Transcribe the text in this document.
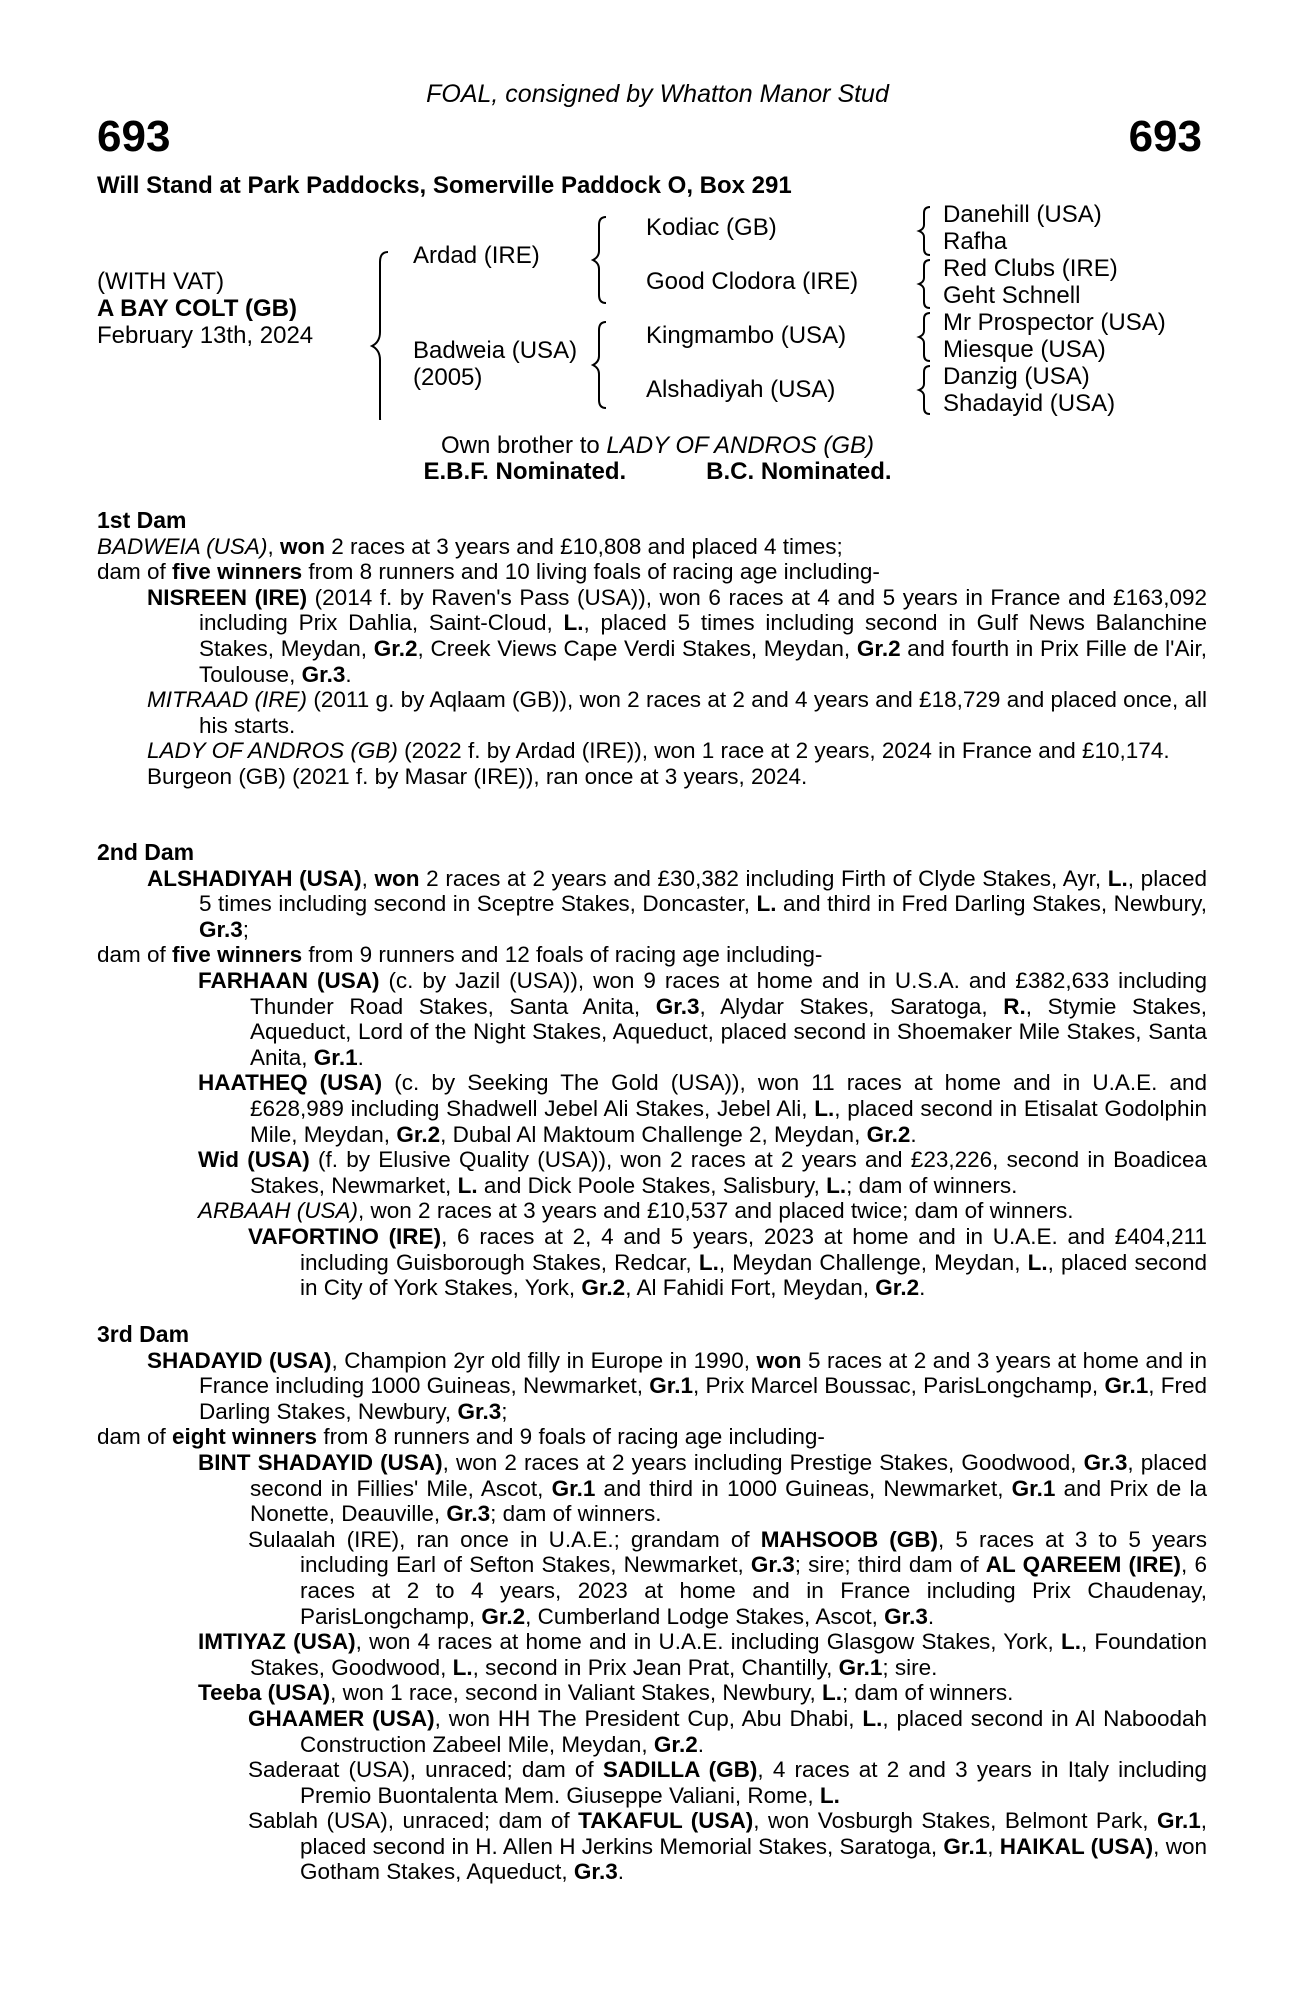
FOAL, consigned by Whatton Manor Stud
693	693
Will Stand at Park Paddocks, Somerville Paddock O, Box 291
(WITH VAT)
A BAY COLT (GB)
February 13th, 2024
Ardad (IRE)
Badweia (USA)
(2005)
Kodiac (GB)
Good Clodora (IRE)
Kingmambo (USA)
Alshadiyah (USA)
Danehill (USA)
Rafha
Red Clubs (IRE)
Geht Schnell
Mr Prospector (USA)
Miesque (USA)
Danzig (USA)
Shadayid (USA)
Own brother to LADY OF ANDROS (GB)
E.B.F. Nominated.	B.C. Nominated.
1st Dam

BADWEIA (USA), won 2 races at 3 years and £10,808 and placed 4 times;

dam of five winners from 8 runners and 10 living foals of racing age including-

NISREEN (IRE) (2014 f. by Raven's Pass (USA)), won 6 races at 4 and 5 years in France and £163,092 including Prix Dahlia, Saint-Cloud, L., placed 5 times including second in Gulf News Balanchine Stakes, Meydan, Gr.2, Creek Views Cape Verdi Stakes, Meydan, Gr.2 and fourth in Prix Fille de l'Air, Toulouse, Gr.3.

MITRAAD (IRE) (2011 g. by Aqlaam (GB)), won 2 races at 2 and 4 years and £18,729 and placed once, all his starts.

LADY OF ANDROS (GB) (2022 f. by Ardad (IRE)), won 1 race at 2 years, 2024 in France and £10,174.

Burgeon (GB) (2021 f. by Masar (IRE)), ran once at 3 years, 2024.

2nd Dam

ALSHADIYAH (USA), won 2 races at 2 years and £30,382 including Firth of Clyde Stakes, Ayr, L., placed 5 times including second in Sceptre Stakes, Doncaster, L. and third in Fred Darling Stakes, Newbury, Gr.3;

dam of five winners from 9 runners and 12 foals of racing age including-

FARHAAN (USA) (c. by Jazil (USA)), won 9 races at home and in U.S.A. and £382,633 including Thunder Road Stakes, Santa Anita, Gr.3, Alydar Stakes, Saratoga, R., Stymie Stakes, Aqueduct, Lord of the Night Stakes, Aqueduct, placed second in Shoemaker Mile Stakes, Santa Anita, Gr.1.

HAATHEQ (USA) (c. by Seeking The Gold (USA)), won 11 races at home and in U.A.E. and £628,989 including Shadwell Jebel Ali Stakes, Jebel Ali, L., placed second in Etisalat Godolphin Mile, Meydan, Gr.2, Dubal Al Maktoum Challenge 2, Meydan, Gr.2.

Wid (USA) (f. by Elusive Quality (USA)), won 2 races at 2 years and £23,226, second in Boadicea Stakes, Newmarket, L. and Dick Poole Stakes, Salisbury, L.; dam of winners.

ARBAAH (USA), won 2 races at 3 years and £10,537 and placed twice; dam of winners.

VAFORTINO (IRE), 6 races at 2, 4 and 5 years, 2023 at home and in U.A.E. and £404,211 including Guisborough Stakes, Redcar, L., Meydan Challenge, Meydan, L., placed second in City of York Stakes, York, Gr.2, Al Fahidi Fort, Meydan, Gr.2.

3rd Dam

SHADAYID (USA), Champion 2yr old filly in Europe in 1990, won 5 races at 2 and 3 years at home and in France including 1000 Guineas, Newmarket, Gr.1, Prix Marcel Boussac, ParisLongchamp, Gr.1, Fred Darling Stakes, Newbury, Gr.3;

dam of eight winners from 8 runners and 9 foals of racing age including-

BINT SHADAYID (USA), won 2 races at 2 years including Prestige Stakes, Goodwood, Gr.3, placed second in Fillies' Mile, Ascot, Gr.1 and third in 1000 Guineas, Newmarket, Gr.1 and Prix de la Nonette, Deauville, Gr.3; dam of winners.

Sulaalah (IRE), ran once in U.A.E.; grandam of MAHSOOB (GB), 5 races at 3 to 5 years including Earl of Sefton Stakes, Newmarket, Gr.3; sire; third dam of AL QAREEM (IRE), 6 races at 2 to 4 years, 2023 at home and in France including Prix Chaudenay, ParisLongchamp, Gr.2, Cumberland Lodge Stakes, Ascot, Gr.3.

IMTIYAZ (USA), won 4 races at home and in U.A.E. including Glasgow Stakes, York, L., Foundation Stakes, Goodwood, L., second in Prix Jean Prat, Chantilly, Gr.1; sire.

Teeba (USA), won 1 race, second in Valiant Stakes, Newbury, L.; dam of winners.

GHAAMER (USA), won HH The President Cup, Abu Dhabi, L., placed second in Al Naboodah Construction Zabeel Mile, Meydan, Gr.2.

Saderaat (USA), unraced; dam of SADILLA (GB), 4 races at 2 and 3 years in Italy including Premio Buontalenta Mem. Giuseppe Valiani, Rome, L.

Sablah (USA), unraced; dam of TAKAFUL (USA), won Vosburgh Stakes, Belmont Park, Gr.1, placed second in H. Allen H Jerkins Memorial Stakes, Saratoga, Gr.1, HAIKAL (USA), won Gotham Stakes, Aqueduct, Gr.3.
